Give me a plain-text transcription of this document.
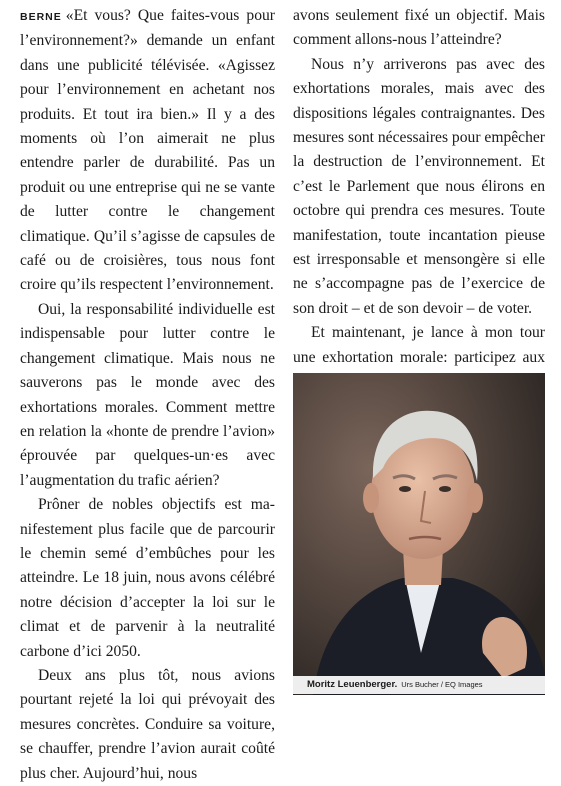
BERNE «Et vous? Que faites-vous pour l’environnement?» demande un enfant dans une publicité télévisée. «Agissez pour l’environnement en achetant nos produits. Et tout ira bien.» Il y a des moments où l’on aimerait ne plus entendre parler de durabilité. Pas un produit ou une entreprise qui ne se vante de lutter contre le changement climatique. Qu’il s’agisse de capsules de café ou de croisières, tous nous font croire qu’ils respectent l’environnement.

Oui, la responsabilité individuelle est indispensable pour lutter contre le changement climatique. Mais nous ne sauverons pas le monde avec des exhortations morales. Comment mettre en relation la «honte de prendre l’avion» éprouvée par quelques-un·es avec l’augmentation du trafic aérien?

Prôner de nobles objectifs est manifestement plus facile que de parcourir le chemin semé d’embûches pour les atteindre. Le 18 juin, nous avons célébré notre décision d’accepter la loi sur le climat et de parvenir à la neutralité carbone d’ici 2050.

Deux ans plus tôt, nous avions pourtant rejeté la loi qui prévoyait des mesures concrètes. Conduire sa voiture, se chauffer, prendre l’avion aurait coûté plus cher. Aujourd’hui, nous

avons seulement fixé un objectif. Mais comment allons-nous l’atteindre?

Nous n’y arriverons pas avec des exhortations morales, mais avec des dispositions légales contraignantes. Des mesures sont nécessaires pour empêcher la destruction de l’environnement. Et c’est le Parlement que nous élirons en octobre qui prendra ces mesures. Toute manifestation, toute incantation pieuse est irresponsable et mensongère si elle ne s’accompagne pas de l’exercice de son droit – et de son devoir – de voter.

Et maintenant, je lance à mon tour une exhortation morale: participez aux

Moritz Leuenberger. Urs Bucher / EQ Images
